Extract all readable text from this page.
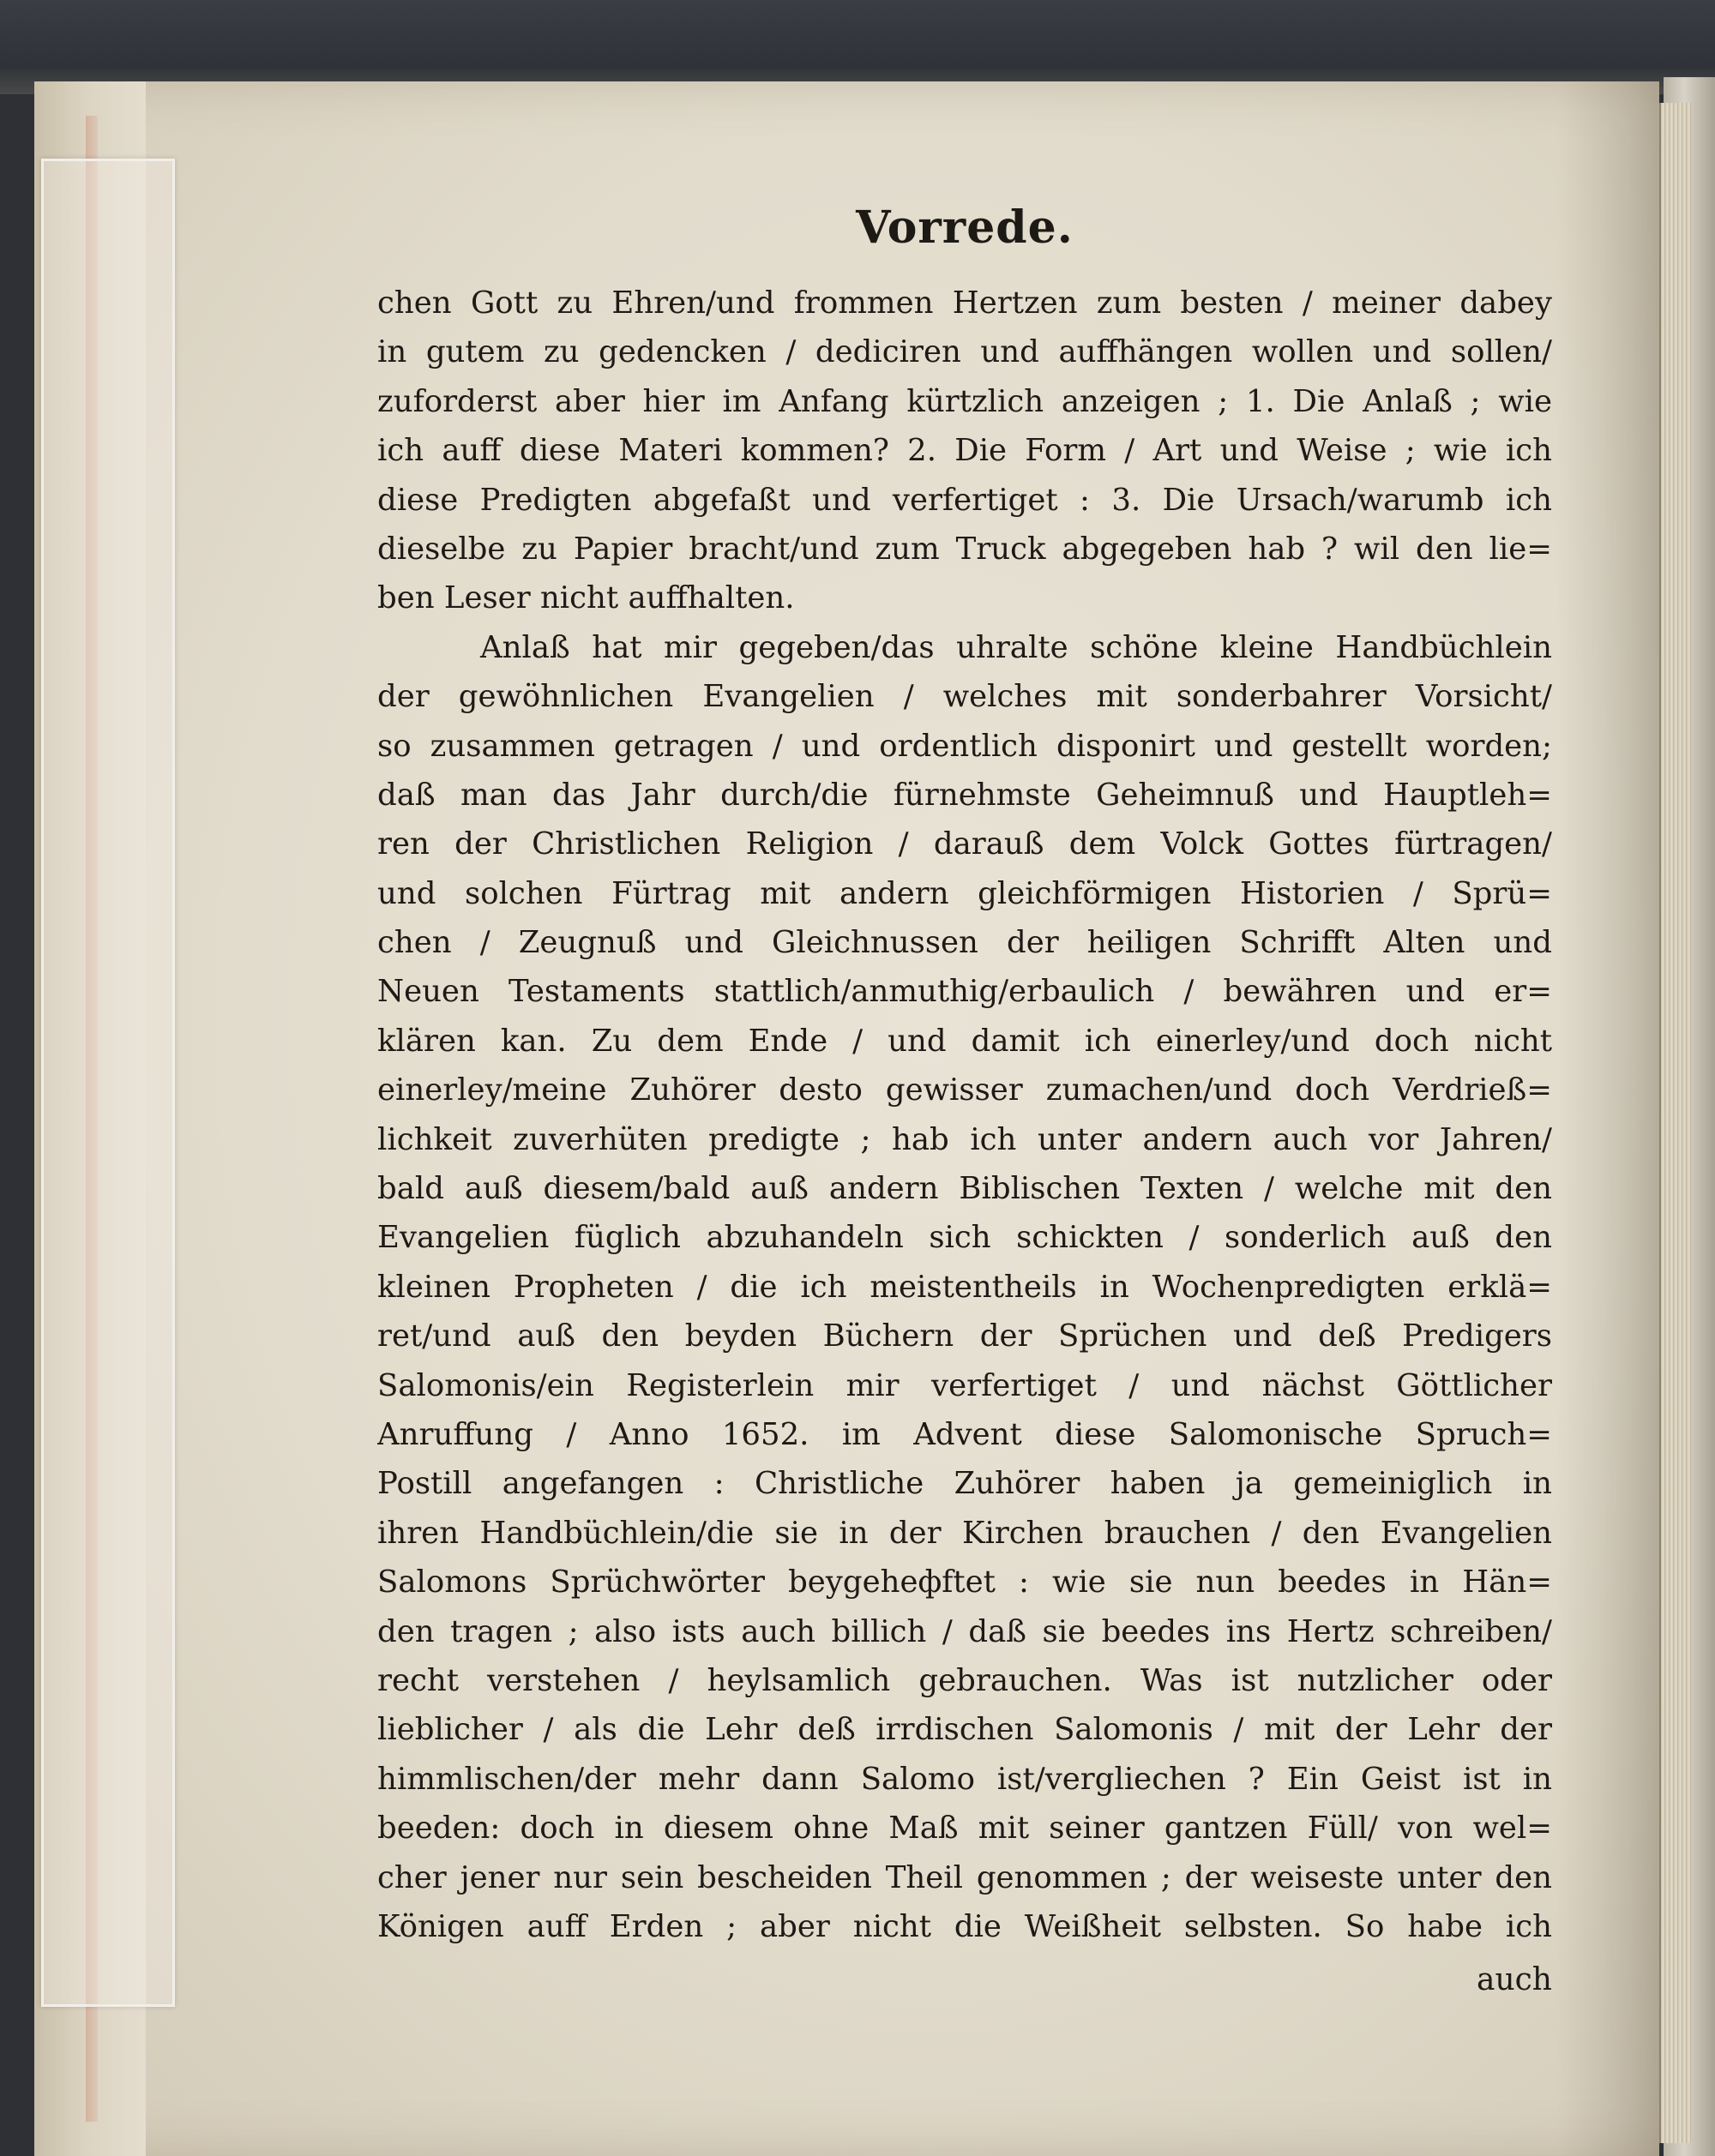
Vorrede.
chen Gott zu Ehren/und frommen Hertzen zum besten / meiner dabey
in gutem zu gedencken / dediciren und auffhängen wollen und sollen/
zuforderst aber hier im Anfang kürtzlich anzeigen ; 1. Die Anlaß ; wie
ich auff diese Materi kommen? 2. Die Form / Art und Weise ; wie ich
diese Predigten abgefaßt und verfertiget : 3. Die Ursach/warumb ich
dieselbe zu Papier bracht/und zum Truck abgegeben hab ? wil den lie=
ben Leser nicht auffhalten.
Anlaß hat mir gegeben/das uhralte schöne kleine Handbüchlein
der gewöhnlichen Evangelien / welches mit sonderbahrer Vorsicht/
so zusammen getragen / und ordentlich disponirt und gestellt worden;
daß man das Jahr durch/die fürnehmste Geheimnuß und Hauptleh=
ren der Christlichen Religion / darauß dem Volck Gottes fürtragen/
und solchen Fürtrag mit andern gleichförmigen Historien / Sprü=
chen / Zeugnuß und Gleichnussen der heiligen Schrifft Alten und
Neuen Testaments stattlich/anmuthig/erbaulich / bewähren und er=
klären kan. Zu dem Ende / und damit ich einerley/und doch nicht
einerley/meine Zuhörer desto gewisser zumachen/und doch Verdrieß=
lichkeit zuverhüten predigte ; hab ich unter andern auch vor Jahren/
bald auß diesem/bald auß andern Biblischen Texten / welche mit den
Evangelien füglich abzuhandeln sich schickten / sonderlich auß den
kleinen Propheten / die ich meistentheils in Wochenpredigten erklä=
ret/und auß den beyden Büchern der Sprüchen und deß Predigers
Salomonis/ein Registerlein mir verfertiget / und nächst Göttlicher
Anruffung / Anno 1652. im Advent diese Salomonische Spruch=
Postill angefangen : Christliche Zuhörer haben ja gemeiniglich in
ihren Handbüchlein/die sie in der Kirchen brauchen / den Evangelien
Salomons Sprüchwörter beygeheфftet : wie sie nun beedes in Hän=
den tragen ; also ists auch billich / daß sie beedes ins Hertz schreiben/
recht verstehen / heylsamlich gebrauchen. Was ist nutzlicher oder
lieblicher / als die Lehr deß irrdischen Salomonis / mit der Lehr der
himmlischen/der mehr dann Salomo ist/vergliechen ? Ein Geist ist in
beeden: doch in diesem ohne Maß mit seiner gantzen Füll/ von wel=
cher jener nur sein bescheiden Theil genommen ; der weiseste unter den
Königen auff Erden ; aber nicht die Weißheit selbsten. So habe ich
auch
